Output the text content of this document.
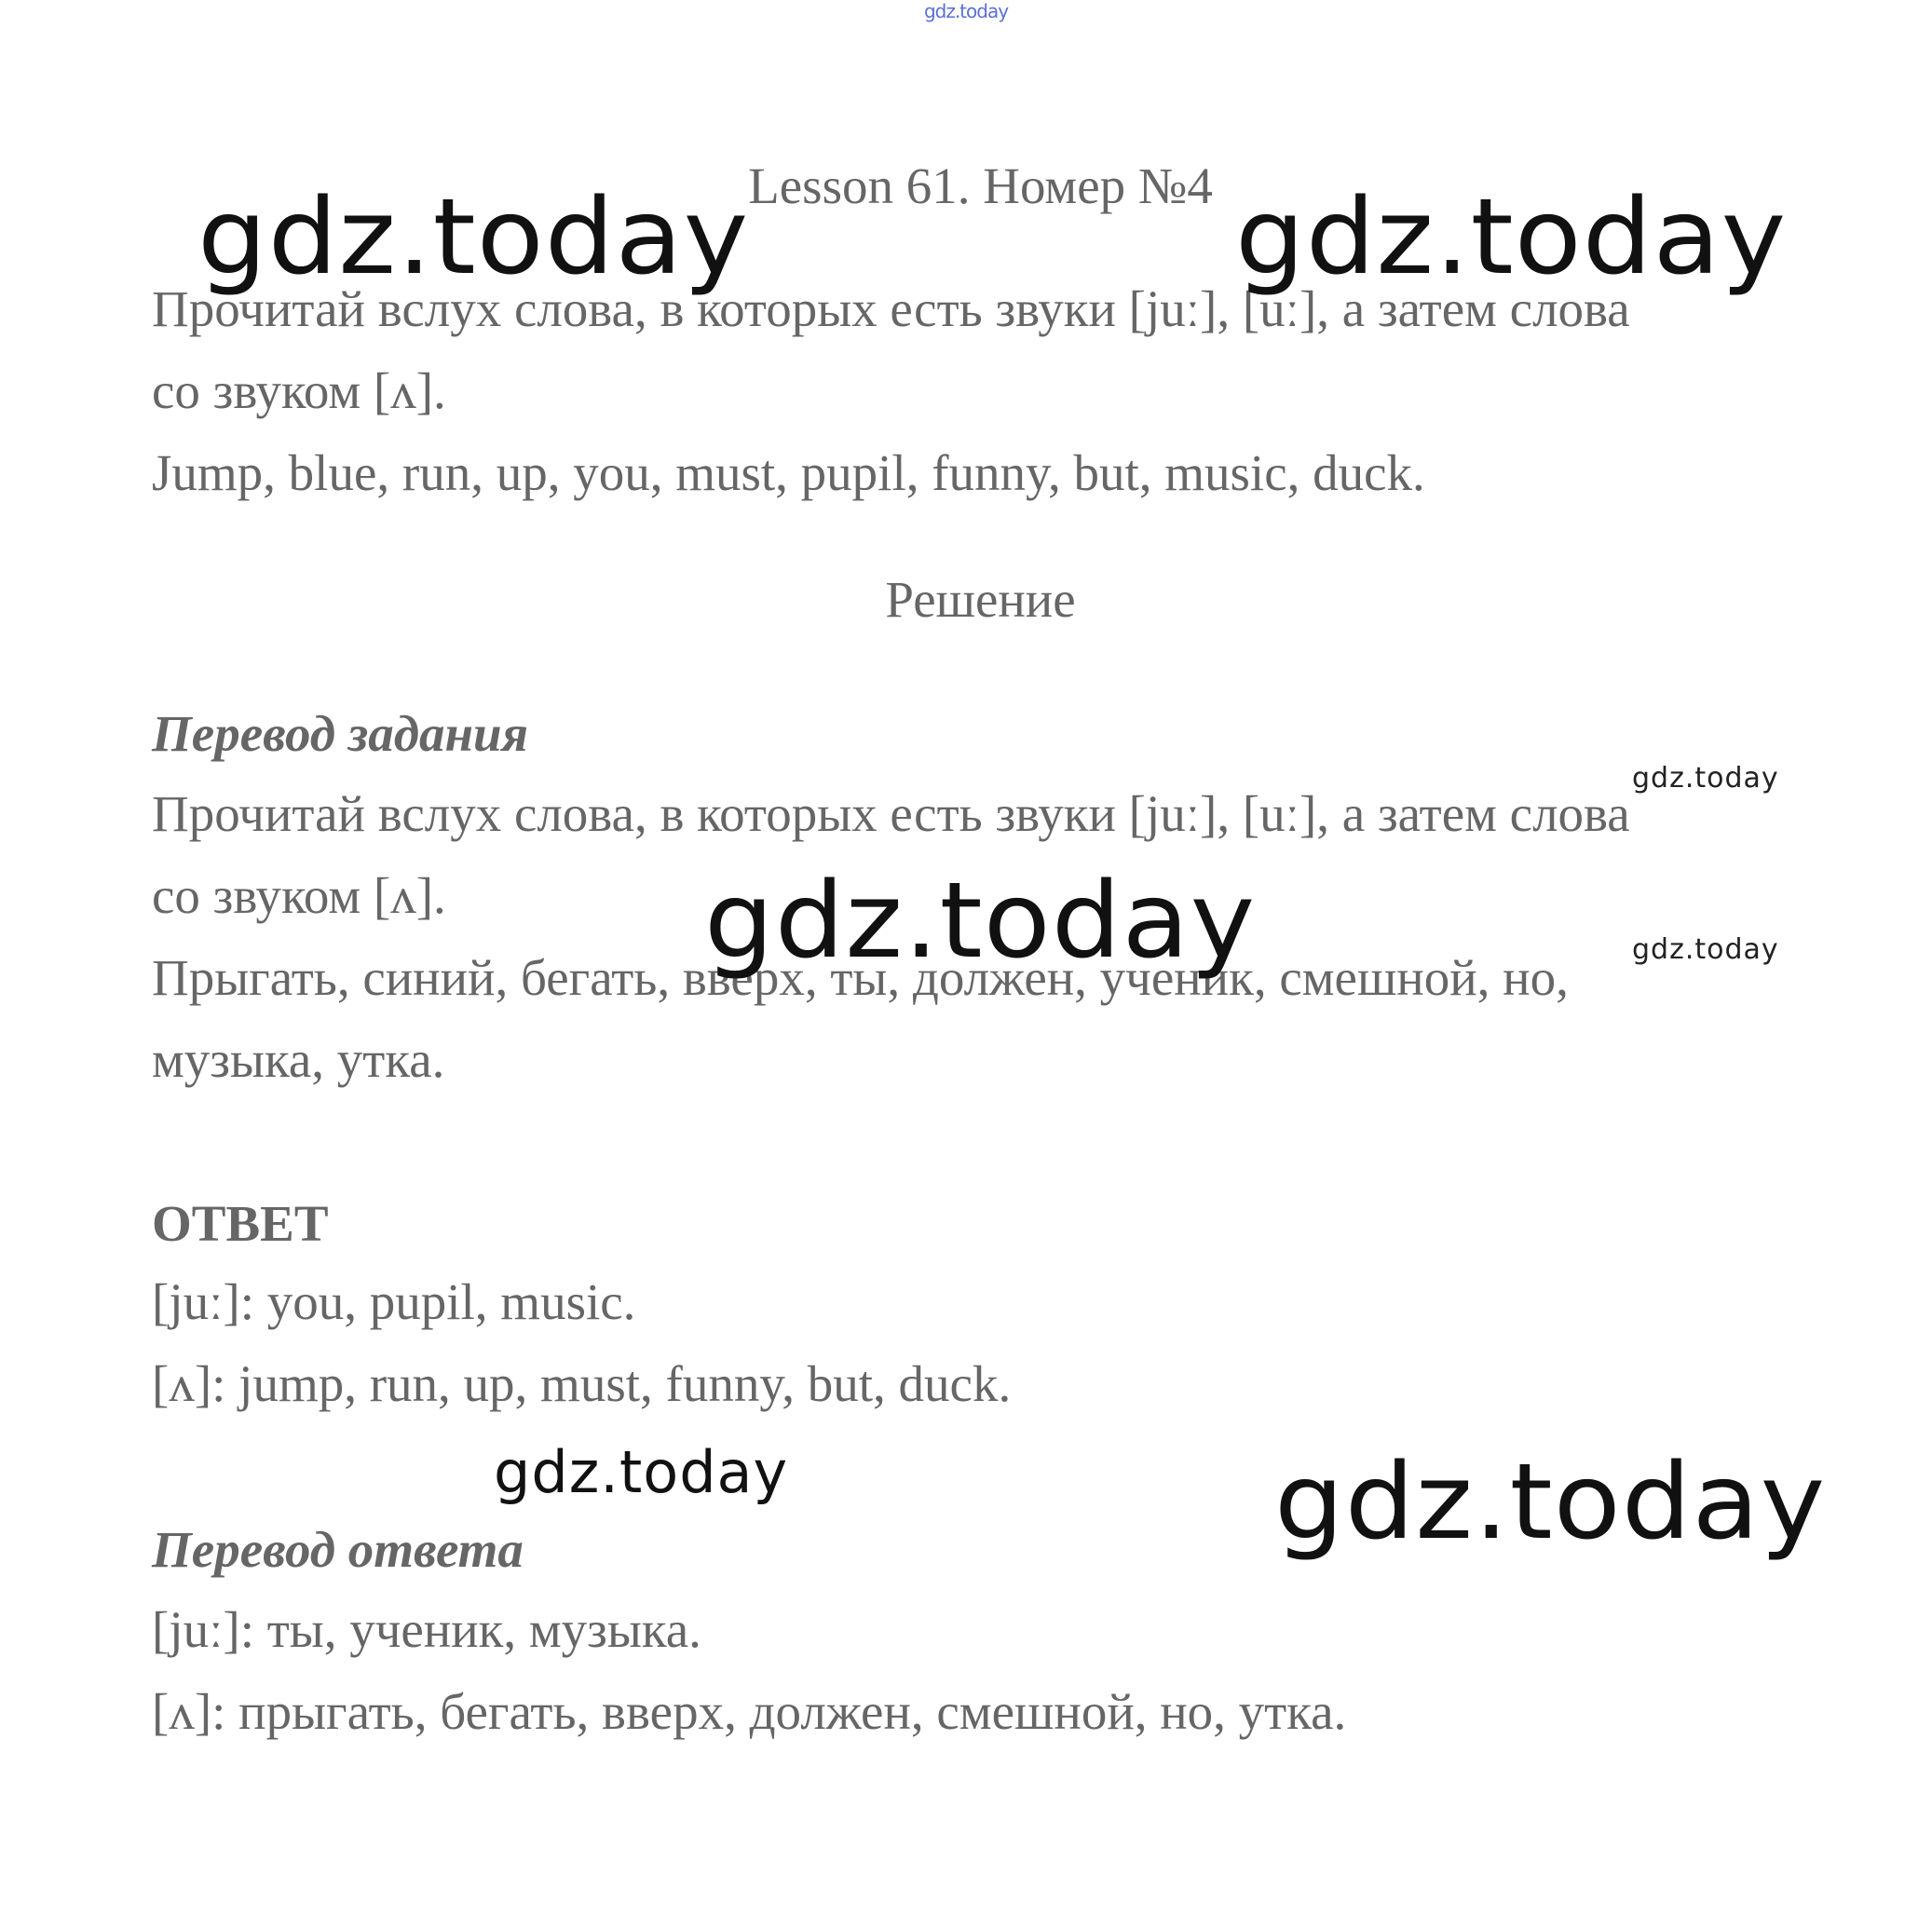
gdz.today
Lesson 61. Номер №4
Прочитай вслух слова, в которых есть звуки [juː], [uː], а затем слова
со звуком [ʌ].
Jump, blue, run, up, you, must, pupil, funny, but, music, duck.
Решение
Перевод задания
Прочитай вслух слова, в которых есть звуки [juː], [uː], а затем слова
со звуком [ʌ].
Прыгать, синий, бегать, вверх, ты, должен, ученик, смешной, но,
музыка, утка.
ОТВЕТ
[juː]: you, pupil, music.
[ʌ]: jump, run, up, must, funny, but, duck.
Перевод ответа
[juː]: ты, ученик, музыка.
[ʌ]: прыгать, бегать, вверх, должен, смешной, но, утка.
gdz.today	gdz.today
gdz.today
gdz.today	gdz.today
gdz.today	gdz.today
